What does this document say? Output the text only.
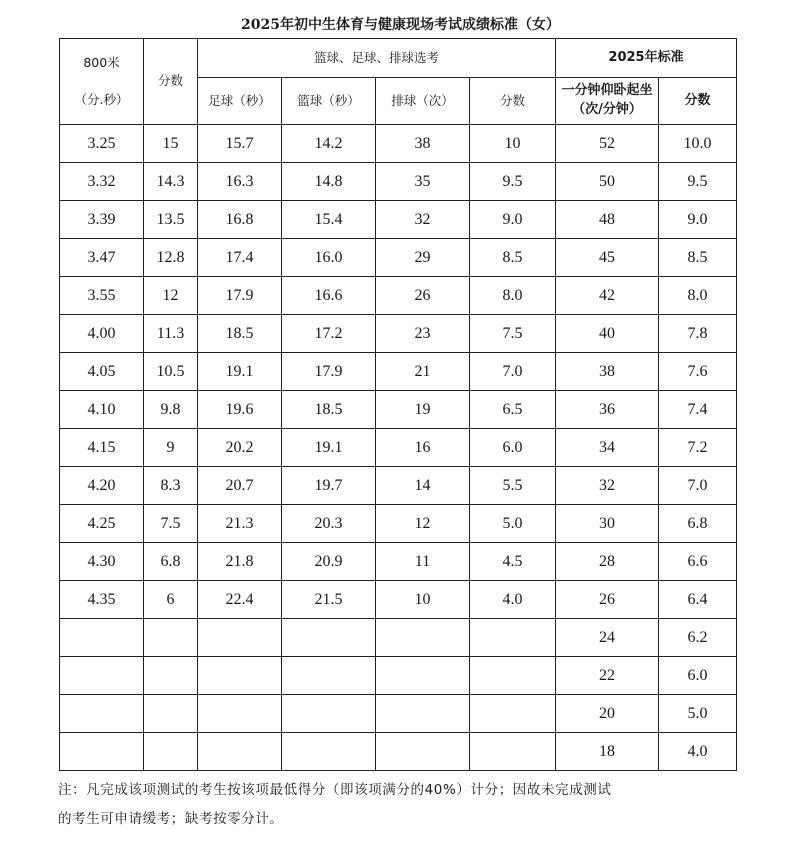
2025年初中生体育与健康现场考试成绩标准（女）
800米
（分.秒）	分数	篮球、足球、排球选考				2025年标准	
		足球（秒）	篮球（秒）	排球（次）	分数	一分钟仰卧起坐
（次/分钟）	分数
3.25	15	15.7	14.2	38	10	52	10.0
3.32	14.3	16.3	14.8	35	9.5	50	9.5
3.39	13.5	16.8	15.4	32	9.0	48	9.0
3.47	12.8	17.4	16.0	29	8.5	45	8.5
3.55	12	17.9	16.6	26	8.0	42	8.0
4.00	11.3	18.5	17.2	23	7.5	40	7.8
4.05	10.5	19.1	17.9	21	7.0	38	7.6
4.10	9.8	19.6	18.5	19	6.5	36	7.4
4.15	9	20.2	19.1	16	6.0	34	7.2
4.20	8.3	20.7	19.7	14	5.5	32	7.0
4.25	7.5	21.3	20.3	12	5.0	30	6.8
4.30	6.8	21.8	20.9	11	4.5	28	6.6
4.35	6	22.4	21.5	10	4.0	26	6.4
						24	6.2
						22	6.0
						20	5.0
						18	4.0
注：凡完成该项测试的考生按该项最低得分（即该项满分的40%）计分；因故未完成测试
的考生可申请缓考；缺考按零分计。
